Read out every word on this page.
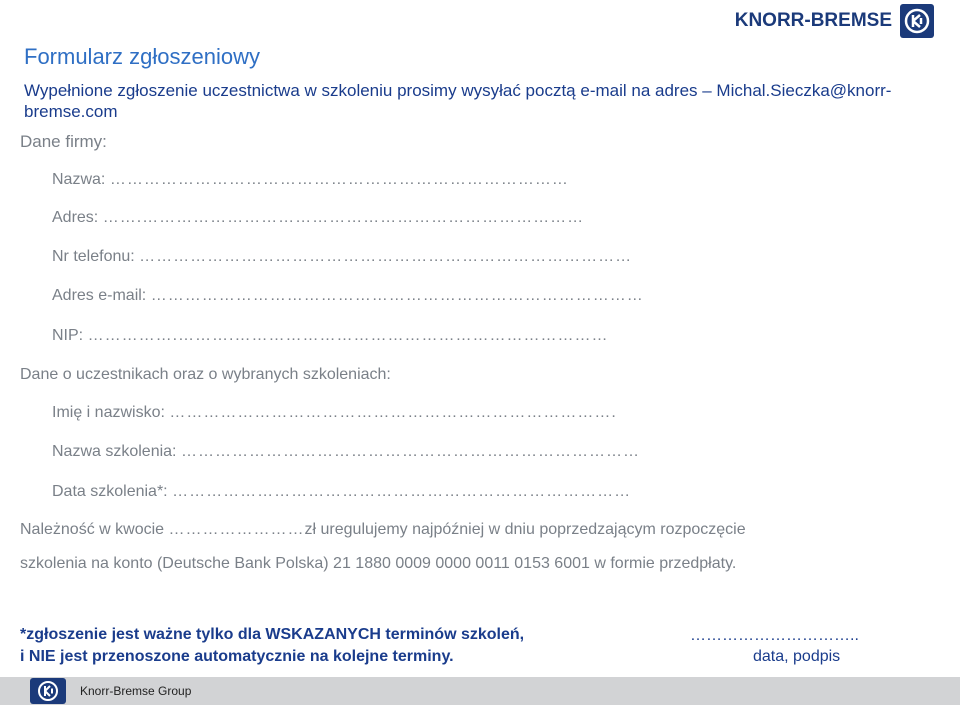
KNORR-BREMSE
Formularz zgłoszeniowy
Wypełnione zgłoszenie uczestnictwa w szkoleniu prosimy wysyłać pocztą e-mail na adres – Michal.Sieczka@knorr-bremse.com
Dane firmy:
Nazwa: ………………………………………………………………………
Adres: …….……………………………………………………………………
Nr telefonu: ……………………………………………………………………………
Adres e-mail: ……………………………………………………………………………
NIP: …………….……….…………………………………………………………
Dane o uczestnikach oraz o wybranych szkoleniach:
Imię i nazwisko: …………………………………………………………………….
Nazwa szkolenia: ………………………………………………………………………
Data szkolenia*: ………………………………………………………………………
Należność w kwocie ……………………zł uregulujemy najpóźniej w dniu poprzedzającym rozpoczęcie
szkolenia na konto (Deutsche Bank Polska) 21 1880 0009 0000 0011 0153 6001 w formie przedpłaty.
*zgłoszenie jest ważne tylko dla WSKAZANYCH terminów szkoleń,
i NIE jest przenoszone automatycznie na kolejne terminy.
…………………………..
data, podpis
Knorr-Bremse Group
